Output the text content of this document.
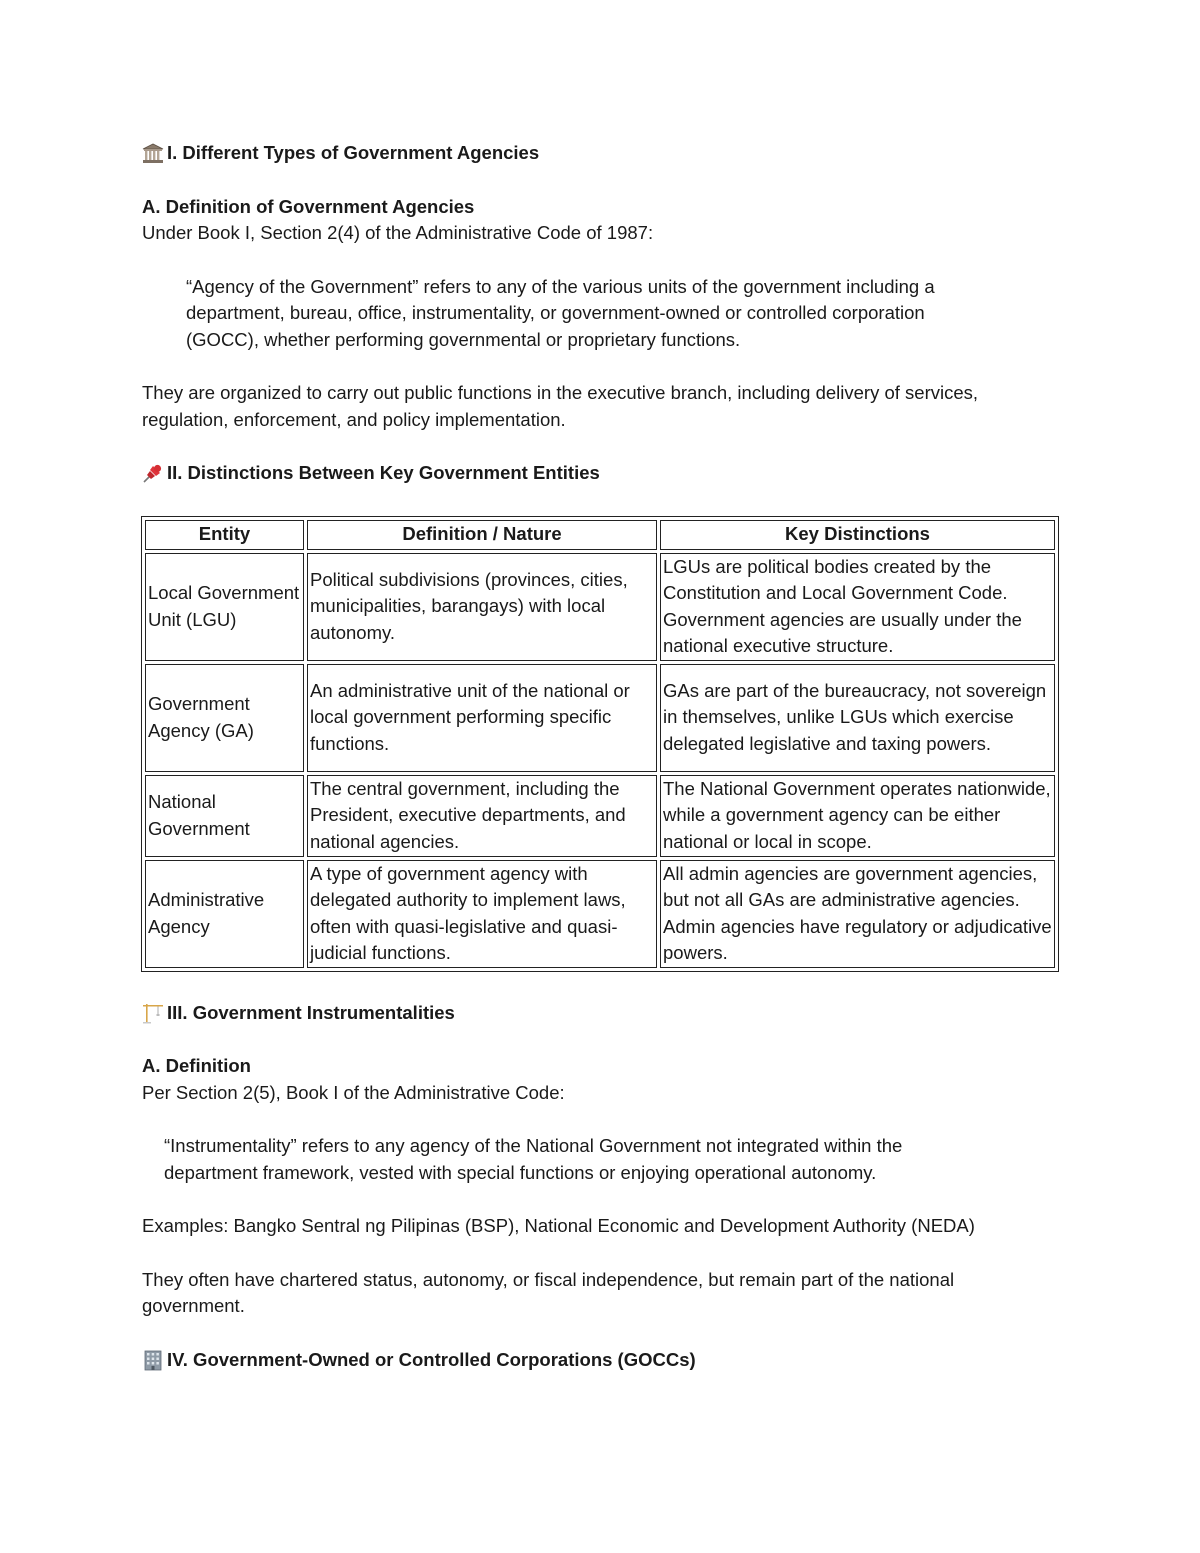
I. Different Types of Government Agencies
A. Definition of Government Agencies
Under Book I, Section 2(4) of the Administrative Code of 1987:
“Agency of the Government” refers to any of the various units of the government including a
department, bureau, office, instrumentality, or government-owned or controlled corporation
(GOCC), whether performing governmental or proprietary functions.
They are organized to carry out public functions in the executive branch, including delivery of services,
regulation, enforcement, and policy implementation.
II. Distinctions Between Key Government Entities
Entity	Definition / Nature	Key Distinctions
Local Government Unit (LGU)	Political subdivisions (provinces, cities, municipalities, barangays) with local autonomy.	LGUs are political bodies created by the Constitution and Local Government Code. Government agencies are usually under the national executive structure.
Government Agency (GA)	An administrative unit of the national or local government performing specific functions.	GAs are part of the bureaucracy, not sovereign in themselves, unlike LGUs which exercise delegated legislative and taxing powers.
National Government	The central government, including the President, executive departments, and national agencies.	The National Government operates nationwide, while a government agency can be either national or local in scope.
Administrative Agency	A type of government agency with delegated authority to implement laws, often with quasi-legislative and quasi-judicial functions.	All admin agencies are government agencies, but not all GAs are administrative agencies. Admin agencies have regulatory or adjudicative powers.
III. Government Instrumentalities
A. Definition
Per Section 2(5), Book I of the Administrative Code:
“Instrumentality” refers to any agency of the National Government not integrated within the
department framework, vested with special functions or enjoying operational autonomy.
Examples: Bangko Sentral ng Pilipinas (BSP), National Economic and Development Authority (NEDA)
They often have chartered status, autonomy, or fiscal independence, but remain part of the national
government.
IV. Government-Owned or Controlled Corporations (GOCCs)
